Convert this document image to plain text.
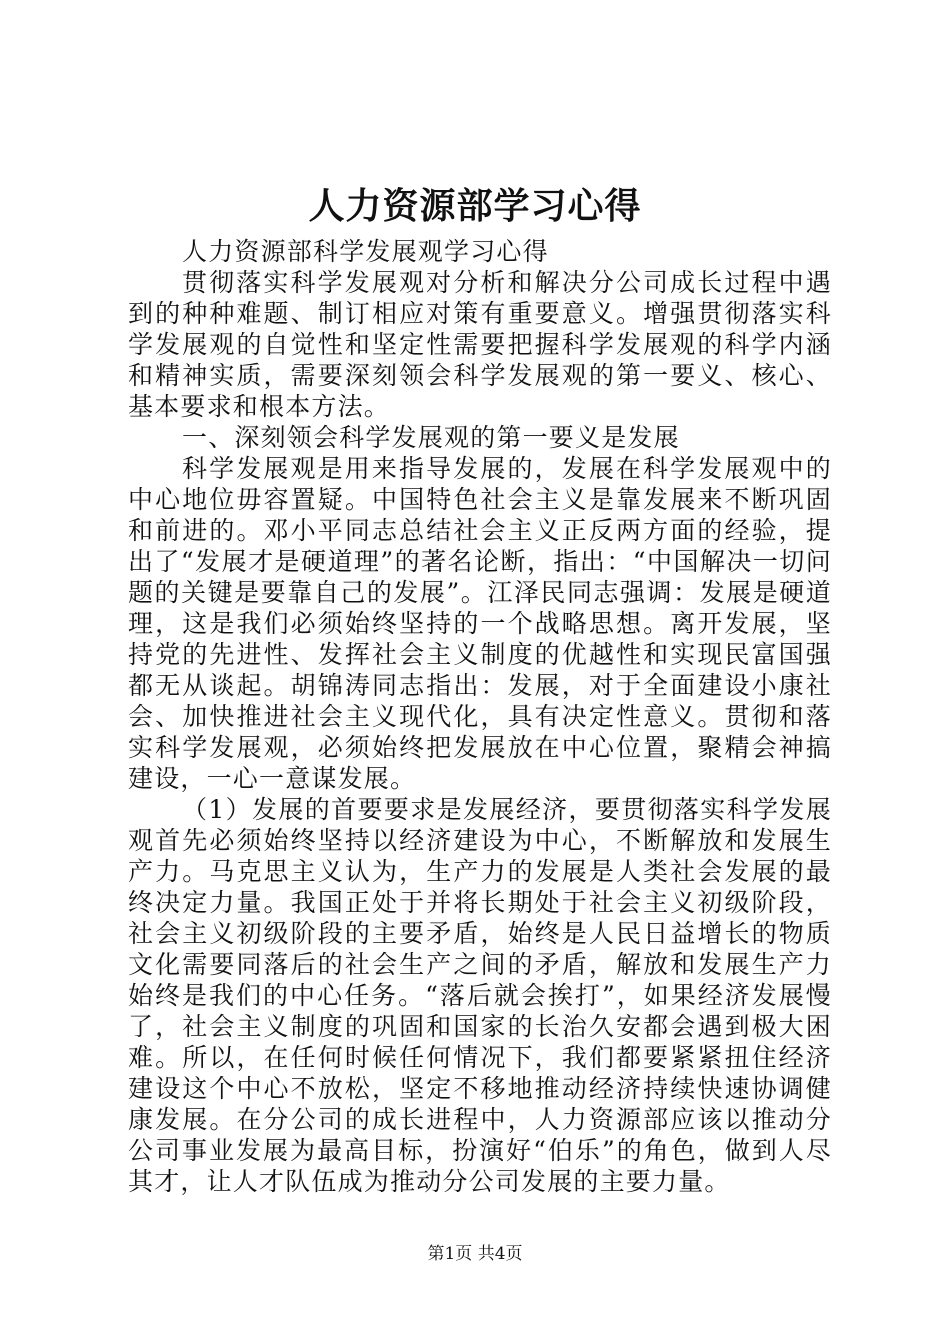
人力资源部学习心得

人力资源部科学发展观学习心得

贯彻落实科学发展观对分析和解决分公司成长过程中遇到的种种难题、制订相应对策有重要意义。增强贯彻落实科学发展观的自觉性和坚定性需要把握科学发展观的科学内涵和精神实质，需要深刻领会科学发展观的第一要义、核心、基本要求和根本方法。

一、深刻领会科学发展观的第一要义是发展

科学发展观是用来指导发展的，发展在科学发展观中的中心地位毋容置疑。中国特色社会主义是靠发展来不断巩固和前进的。邓小平同志总结社会主义正反两方面的经验，提出了“发展才是硬道理”的著名论断，指出：“中国解决一切问题的关键是要靠自己的发展”。江泽民同志强调：发展是硬道理，这是我们必须始终坚持的一个战略思想。离开发展，坚持党的先进性、发挥社会主义制度的优越性和实现民富国强都无从谈起。胡锦涛同志指出：发展，对于全面建设小康社会、加快推进社会主义现代化，具有决定性意义。贯彻和落实科学发展观，必须始终把发展放在中心位置，聚精会神搞建设，一心一意谋发展。

（1）发展的首要要求是发展经济，要贯彻落实科学发展观首先必须始终坚持以经济建设为中心，不断解放和发展生产力。马克思主义认为，生产力的发展是人类社会发展的最终决定力量。我国正处于并将长期处于社会主义初级阶段，社会主义初级阶段的主要矛盾，始终是人民日益增长的物质文化需要同落后的社会生产之间的矛盾，解放和发展生产力始终是我们的中心任务。“落后就会挨打”，如果经济发展慢了，社会主义制度的巩固和国家的长治久安都会遇到极大困难。所以，在任何时候任何情况下，我们都要紧紧扭住经济建设这个中心不放松，坚定不移地推动经济持续快速协调健康发展。在分公司的成长进程中，人力资源部应该以推动分公司事业发展为最高目标，扮演好“伯乐”的角色，做到人尽其才，让人才队伍成为推动分公司发展的主要力量。

第1页 共4页
